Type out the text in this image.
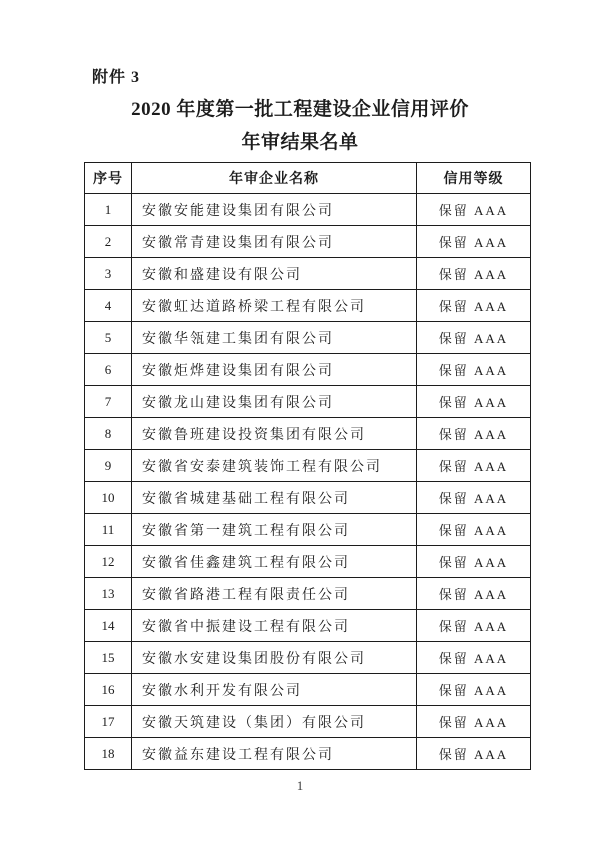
附件 3
2020 年度第一批工程建设企业信用评价
年审结果名单
序号	年审企业名称	信用等级
1	安徽安能建设集团有限公司	保留 AAA
2	安徽常青建设集团有限公司	保留 AAA
3	安徽和盛建设有限公司	保留 AAA
4	安徽虹达道路桥梁工程有限公司	保留 AAA
5	安徽华瓴建工集团有限公司	保留 AAA
6	安徽炬烨建设集团有限公司	保留 AAA
7	安徽龙山建设集团有限公司	保留 AAA
8	安徽鲁班建设投资集团有限公司	保留 AAA
9	安徽省安泰建筑装饰工程有限公司	保留 AAA
10	安徽省城建基础工程有限公司	保留 AAA
11	安徽省第一建筑工程有限公司	保留 AAA
12	安徽省佳鑫建筑工程有限公司	保留 AAA
13	安徽省路港工程有限责任公司	保留 AAA
14	安徽省中振建设工程有限公司	保留 AAA
15	安徽水安建设集团股份有限公司	保留 AAA
16	安徽水利开发有限公司	保留 AAA
17	安徽天筑建设（集团）有限公司	保留 AAA
18	安徽益东建设工程有限公司	保留 AAA
1
